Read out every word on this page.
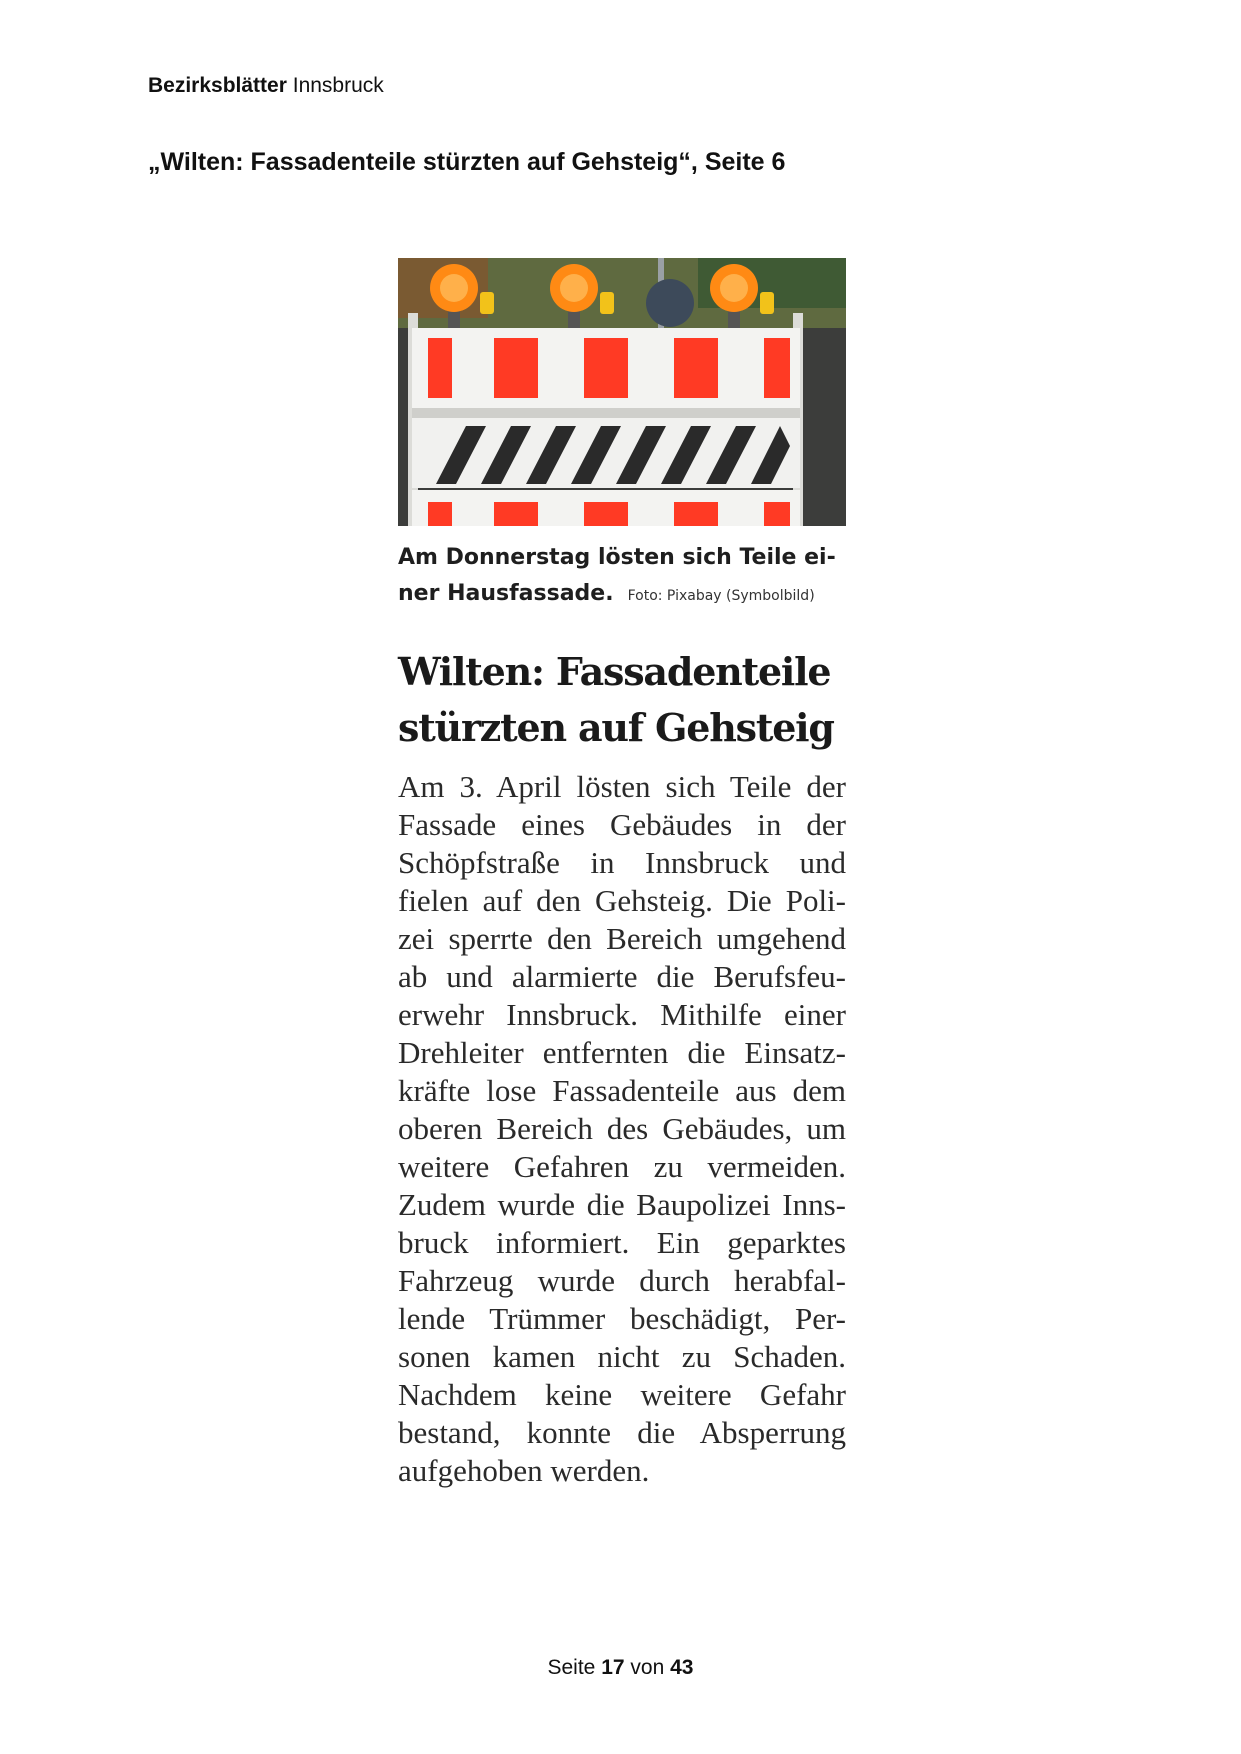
Bezirksblätter Innsbruck
„Wilten: Fassadenteile stürzten auf Gehsteig“, Seite 6
Am Donnerstag lösten sich Teile ei-
ner Hausfassade. Foto: Pixabay (Symbolbild)
Wilten: Fassadenteile
stürzten auf Gehsteig
Am 3. April lösten sich Teile der
Fassade eines Gebäudes in der
Schöpfstraße in Innsbruck und
fielen auf den Gehsteig. Die Poli-
zei sperrte den Bereich umgehend
ab und alarmierte die Berufsfeu-
erwehr Innsbruck. Mithilfe einer
Drehleiter entfernten die Einsatz-
kräfte lose Fassadenteile aus dem
oberen Bereich des Gebäudes, um
weitere Gefahren zu vermeiden.
Zudem wurde die Baupolizei Inns-
bruck informiert. Ein geparktes
Fahrzeug wurde durch herabfal-
lende Trümmer beschädigt, Per-
sonen kamen nicht zu Schaden.
Nachdem keine weitere Gefahr
bestand, konnte die Absperrung
aufgehoben werden.
Seite 17 von 43
